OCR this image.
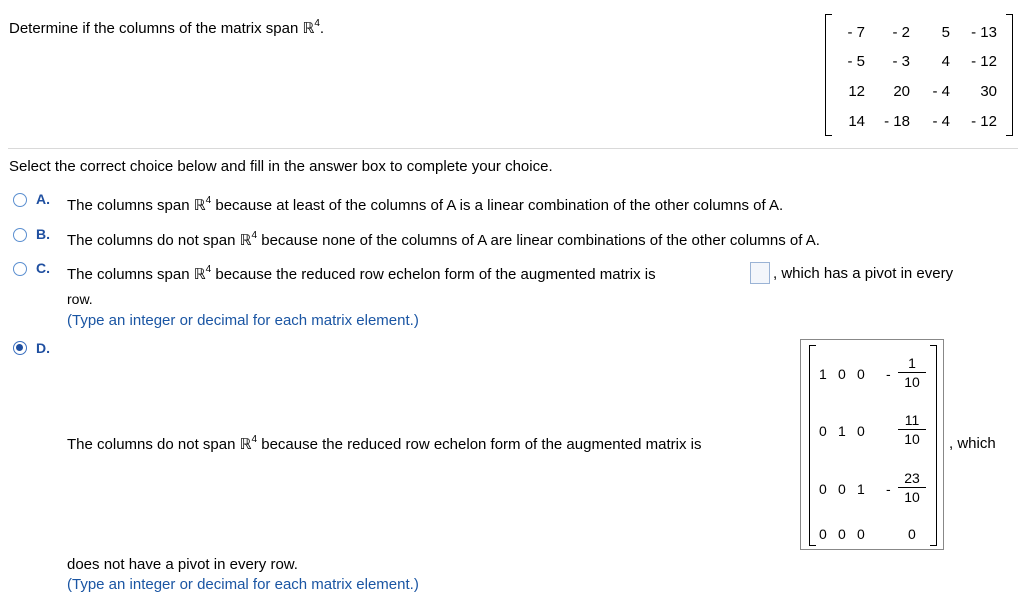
Determine if the columns of the matrix span ℝ$^4$.	- 7 - 2 5 - 13
- 5 - 3 4 - 12
12 20 - 4 30
14 - 18 - 4 - 12
Select the correct choice below and fill in the answer box to complete your choice.
A. The columns span ℝ$^4$ because at least of the columns of A is a linear combination of the other columns of A.
B. The columns do not span ℝ$^4$ because none of the columns of A are linear combinations of the other columns of A.
C. The columns span ℝ$^4$ because the reduced row echelon form of the augmented matrix is	, which has a pivot in every
row.
(Type an integer or decimal for each matrix element.)
D.
The columns do not span ℝ$^4$ because the reduced row echelon form of the augmented matrix is
1 0 $0 - \frac{1}{10}$
0 1 $0 \frac{11}{10}$
0 0 $1 - \frac{23}{10}$
0 0 0	0
, which
does not have a pivot in every row.
(Type an integer or decimal for each matrix element.)
